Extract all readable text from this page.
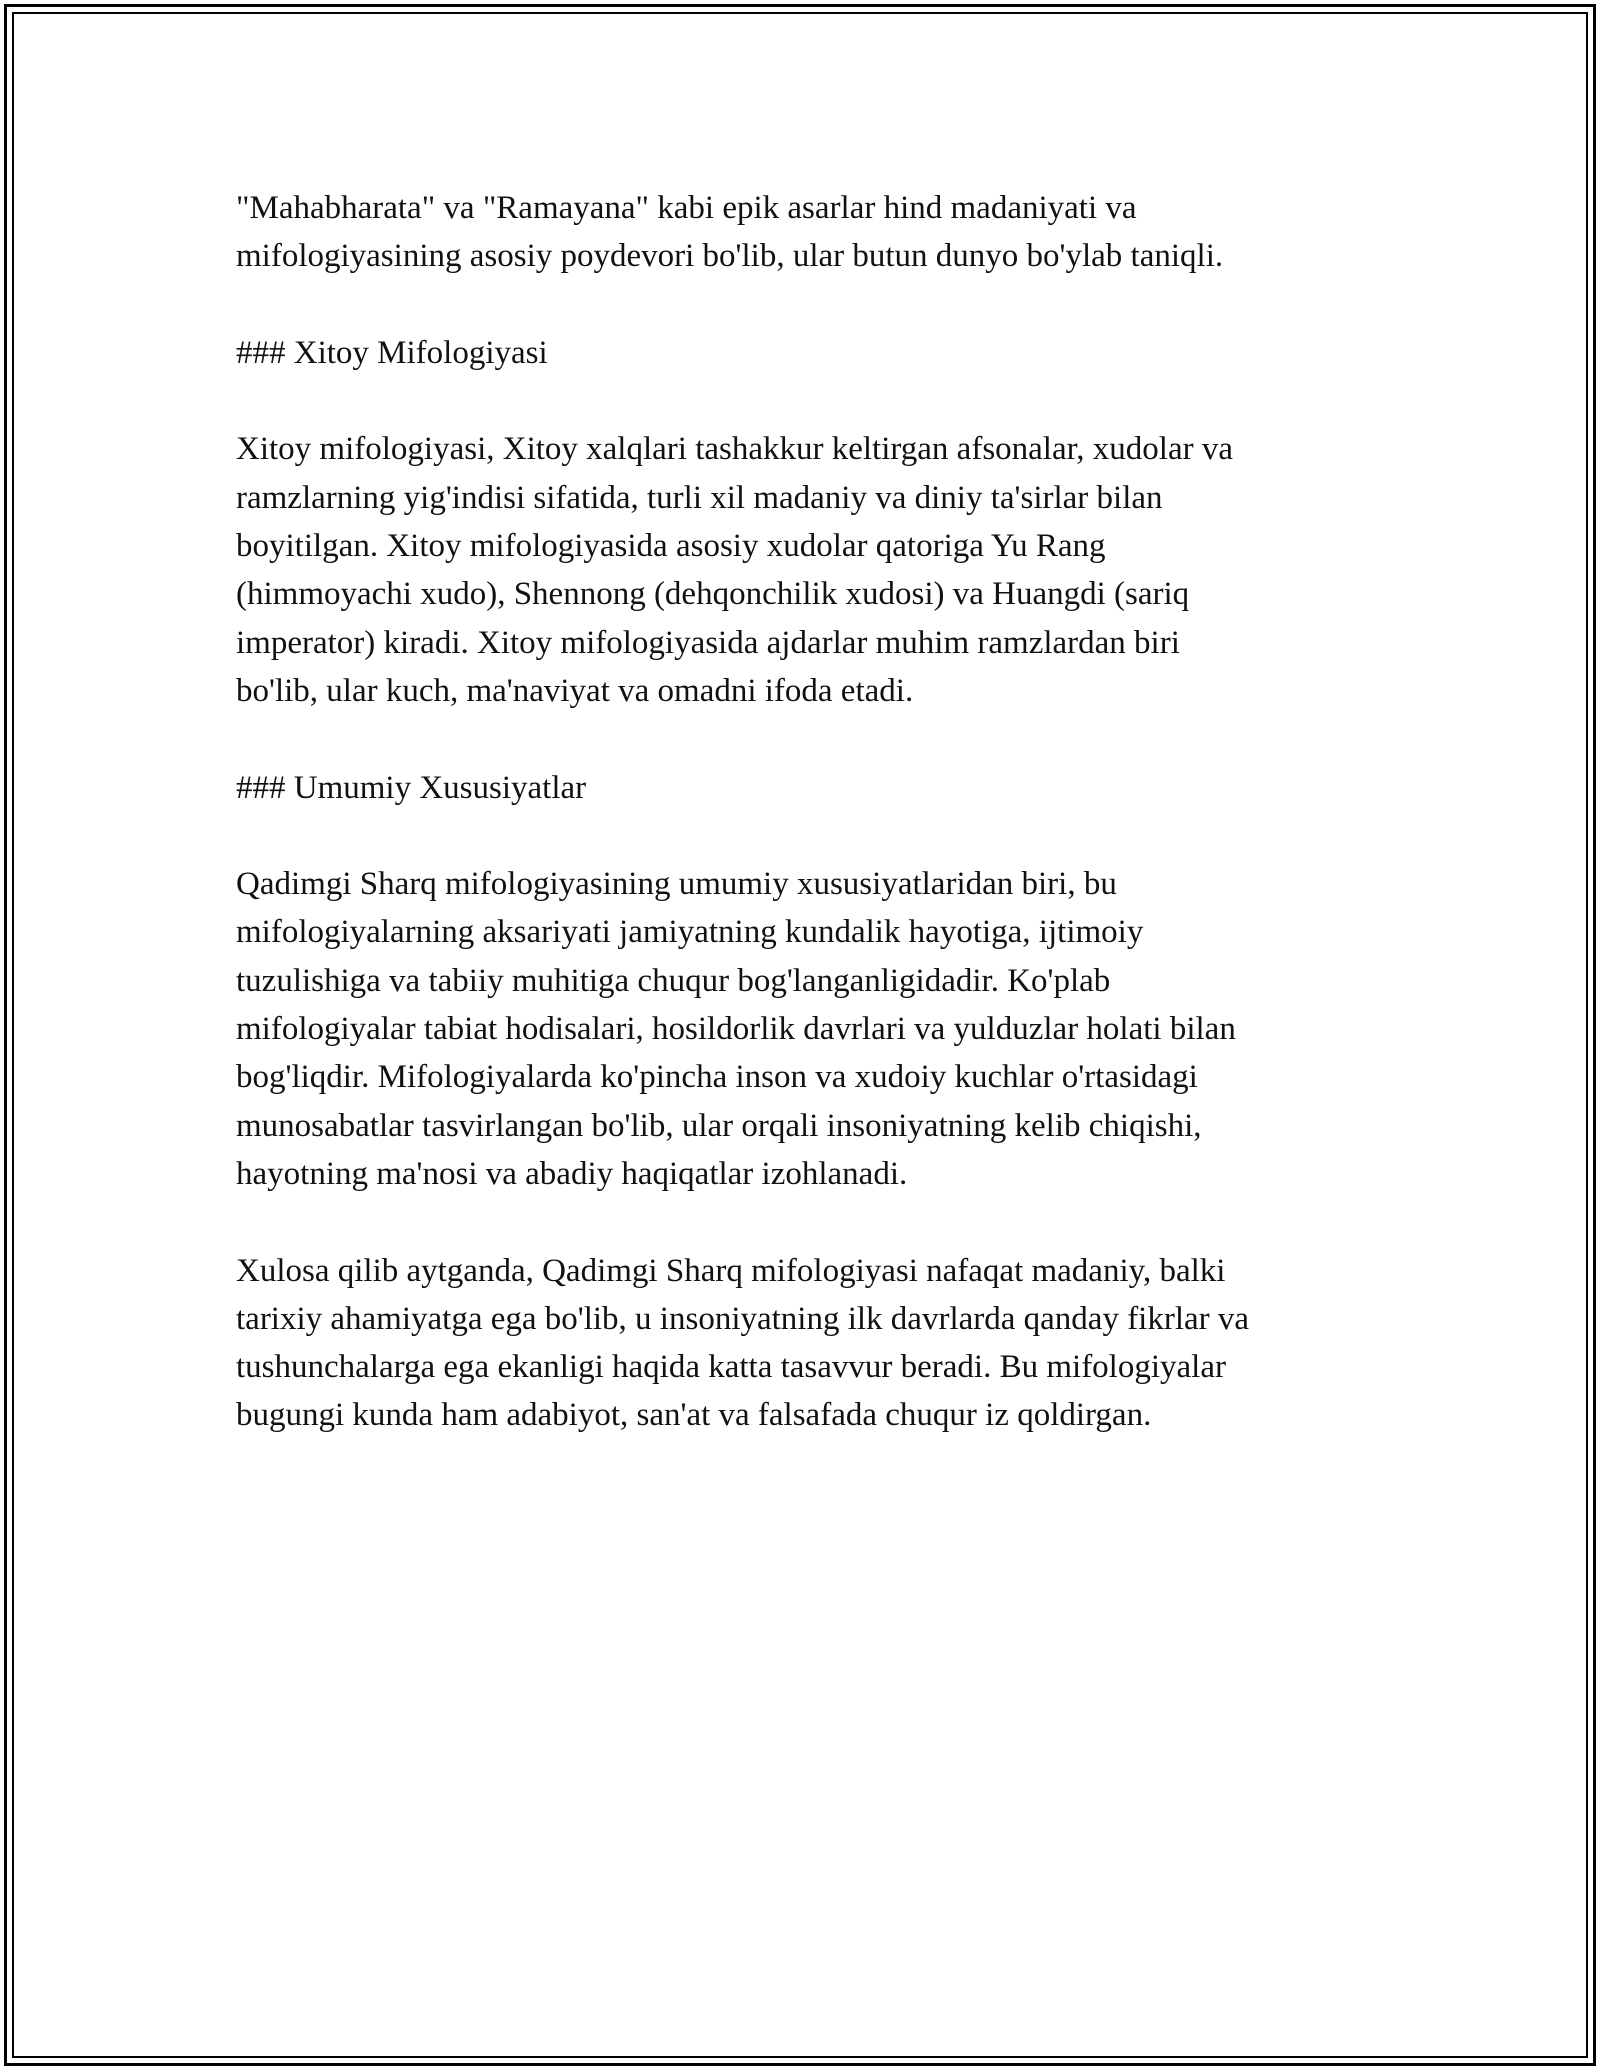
"Mahabharata" va "Ramayana" kabi epik asarlar hind madaniyati va
mifologiyasining asosiy poydevori bo'lib, ular butun dunyo bo'ylab taniqli.

### Xitoy Mifologiyasi

Xitoy mifologiyasi, Xitoy xalqlari tashakkur keltirgan afsonalar, xudolar va
ramzlarning yig'indisi sifatida, turli xil madaniy va diniy ta'sirlar bilan
boyitilgan. Xitoy mifologiyasida asosiy xudolar qatoriga Yu Rang
(himmoyachi xudo), Shennong (dehqonchilik xudosi) va Huangdi (sariq
imperator) kiradi. Xitoy mifologiyasida ajdarlar muhim ramzlardan biri
bo'lib, ular kuch, ma'naviyat va omadni ifoda etadi.

### Umumiy Xususiyatlar

Qadimgi Sharq mifologiyasining umumiy xususiyatlaridan biri, bu
mifologiyalarning aksariyati jamiyatning kundalik hayotiga, ijtimoiy
tuzulishiga va tabiiy muhitiga chuqur bog'langanligidadir. Ko'plab
mifologiyalar tabiat hodisalari, hosildorlik davrlari va yulduzlar holati bilan
bog'liqdir. Mifologiyalarda ko'pincha inson va xudoiy kuchlar o'rtasidagi
munosabatlar tasvirlangan bo'lib, ular orqali insoniyatning kelib chiqishi,
hayotning ma'nosi va abadiy haqiqatlar izohlanadi.

Xulosa qilib aytganda, Qadimgi Sharq mifologiyasi nafaqat madaniy, balki
tarixiy ahamiyatga ega bo'lib, u insoniyatning ilk davrlarda qanday fikrlar va
tushunchalarga ega ekanligi haqida katta tasavvur beradi. Bu mifologiyalar
bugungi kunda ham adabiyot, san'at va falsafada chuqur iz qoldirgan.
